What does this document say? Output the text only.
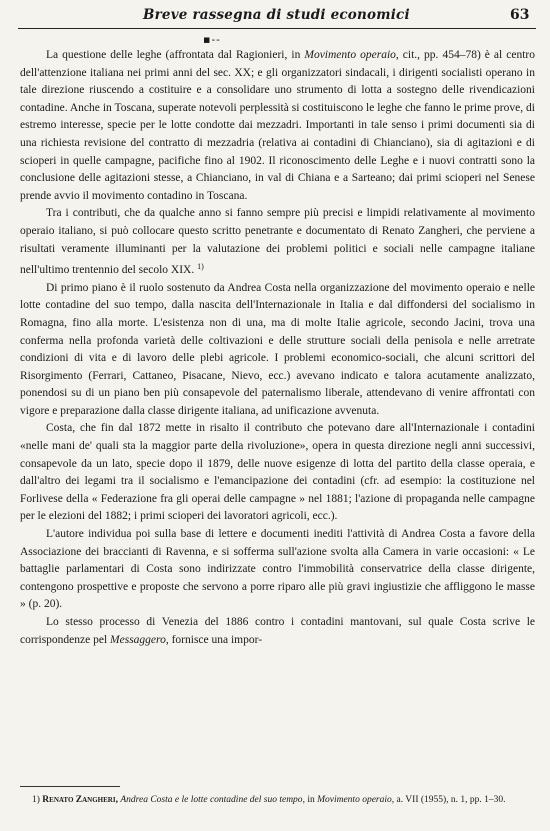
Breve rassegna di studi economici	63
▪--

La questione delle leghe (affrontata dal Ragionieri, in Movimento operaio, cit., pp. 454–78) è al centro dell'attenzione italiana nei primi anni del sec. XX; e gli organizzatori sindacali, i dirigenti socialisti operano in tale direzione riuscendo a costituire e a consolidare uno strumento di lotta a sostegno delle rivendicazioni contadine. Anche in Toscana, superate notevoli perplessità si costituiscono le leghe che fanno le prime prove, di estremo interesse, specie per le lotte condotte dai mezzadri. Importanti in tale senso i primi documenti sia di una richiesta revisione del contratto di mezzadria (relativa ai contadini di Chianciano), sia di agitazioni e di scioperi in quelle campagne, pacifiche fino al 1902. Il riconoscimento delle Leghe e i nuovi contratti sono la conclusione delle agitazioni stesse, a Chianciano, in val di Chiana e a Sarteano; dai primi scioperi nel Senese prende avvio il movimento contadino in Toscana.

Tra i contributi, che da qualche anno si fanno sempre più precisi e limpidi relativamente al movimento operaio italiano, si può collocare questo scritto penetrante e documentato di Renato Zangheri, che perviene a risultati veramente illuminanti per la valutazione dei problemi politici e sociali nelle campagne italiane nell'ultimo trentennio del secolo XIX. $^{1)}$

Di primo piano è il ruolo sostenuto da Andrea Costa nella organizzazione del movimento operaio e nelle lotte contadine del suo tempo, dalla nascita dell'Internazionale in Italia e dal diffondersi del socialismo in Romagna, fino alla morte. L'esistenza non di una, ma di molte Italie agricole, secondo Jacini, trova una conferma nella profonda varietà delle coltivazioni e delle strutture sociali della penisola e nelle arretrate condizioni di vita e di lavoro delle plebi agricole. I problemi economico-sociali, che alcuni scrittori del Risorgimento (Ferrari, Cattaneo, Pisacane, Nievo, ecc.) avevano indicato e talora acutamente analizzato, ponendosi su di un piano ben più consapevole del paternalismo liberale, attendevano di venire affrontati con vigore e preparazione dalla classe dirigente italiana, ad unificazione avvenuta.

Costa, che fin dal 1872 mette in risalto il contributo che potevano dare all'Internazionale i contadini «nelle mani de' quali sta la maggior parte della rivoluzione», opera in questa direzione negli anni successivi, consapevole da un lato, specie dopo il 1879, delle nuove esigenze di lotta del partito della classe operaia, e dall'altro dei legami tra il socialismo e l'emancipazione dei contadini (cfr. ad esempio: la costituzione nel Forlivese della « Federazione fra gli operai delle campagne » nel 1881; l'azione di propaganda nelle campagne per le elezioni del 1882; i primi scioperi dei lavoratori agricoli, ecc.).

L'autore individua poi sulla base di lettere e documenti inediti l'attività di Andrea Costa a favore della Associazione dei braccianti di Ravenna, e si sofferma sull'azione svolta alla Camera in varie occasioni: « Le battaglie parlamentari di Costa sono indirizzate contro l'immobilità conservatrice della classe dirigente, contengono prospettive e proposte che servono a porre riparo alle più gravi ingiustizie che affliggono le masse » (p. 20).

Lo stesso processo di Venezia del 1886 contro i contadini mantovani, sul quale Costa scrive le corrispondenze pel Messaggero, fornisce una impor-

1) Renato Zangheri, Andrea Costa e le lotte contadine del suo tempo, in Movimento operaio, a. VII (1955), n. 1, pp. 1–30.
